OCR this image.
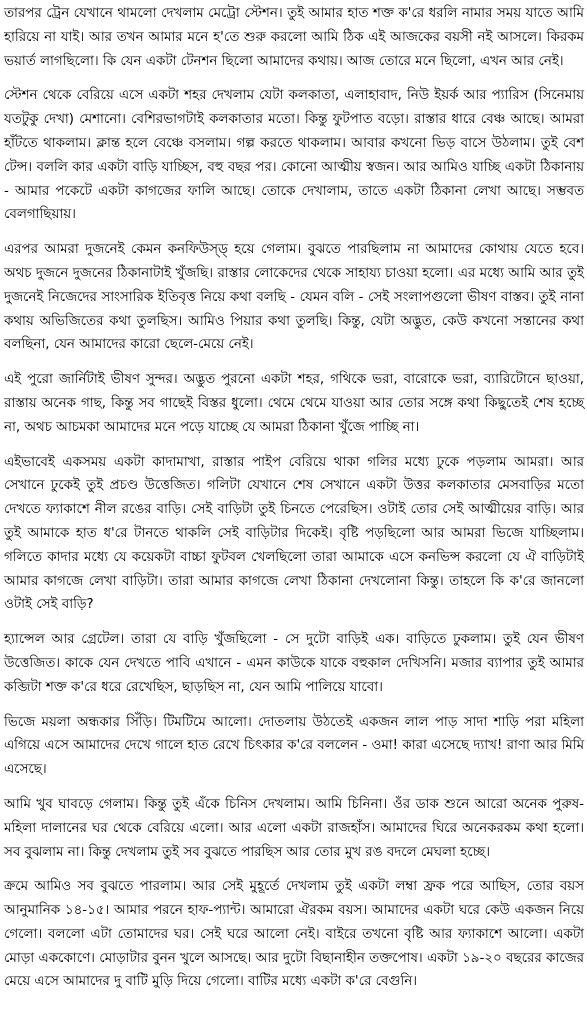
তারপর ট্রেন যেখানে থামলো দেখলাম মেট্রো স্টেশন। তুই আমার হাত শক্ত ক'রে ধরলি নামার সময় যাতে আমি হারিয়ে না যাই। আর তখন আমার মনে হ'তে শুরু করলো আমি ঠিক এই আজকের বয়সী নই আসলে। কিরকম ভয়ার্ত লাগছিলো। কি যেন একটা টেনশন ছিলো আমাদের কথায়। আজ তোরে মনে ছিলো, এখন আর নেই।

স্টেশন থেকে বেরিয়ে এসে একটা শহর দেখলাম যেটা কলকাতা, এলাহাবাদ, নিউ ইয়র্ক আর প্যারিস (সিনেমায় যতটুকু দেখা) মেশানো। বেশিরভাগটাই কলকাতার মতো। কিন্তু ফুটপাত বড়ো। রাস্তার ধারে বেঞ্চ আছে। আমরা হাঁটতে থাকলাম। ক্লান্ত হলে বেঞ্চে বসলাম। গল্প করতে থাকলাম। আবার কখনো ভিড় বাসে উঠলাম। তুই বেশ টেন্স। বললি কার একটা বাড়ি যাচ্ছিস, বহু বছর পর। কোনো আত্মীয় স্বজন। আর আমিও যাচ্ছি একটা ঠিকানায় - আমার পকেটে একটা কাগজের ফালি আছে। তোকে দেখালাম, তাতে একটা ঠিকানা লেখা আছে। সম্ভবত বেলগাছিয়ায়।

এরপর আমরা দুজনেই কেমন কনফিউস্‌ড্ হয়ে গেলাম। বুঝতে পারছিলাম না আমাদের কোথায় যেতে হবে। অথচ দুজনে দুজনের ঠিকানাটাই খুঁজছি। রাস্তার লোকেদের থেকে সাহায্য চাওয়া হলো। এর মধ্যে আমি আর তুই দুজনেই নিজেদের সাংসারিক ইতিবৃত্ত নিয়ে কথা বলছি - যেমন বলি - সেই সংলাপগুলো ভীষণ বাস্তব। তুই নানা কথায় অভিজিতের কথা তুলছিস। আমিও পিয়ার কথা তুলছি। কিন্তু, যেটা অদ্ভুত, কেউ কখনো সন্তানের কথা বলছিনা, যেন আমাদের কারো ছেলে-মেয়ে নেই।

এই পুরো জার্নিটাই ভীষণ সুন্দর। অদ্ভুত পুরনো একটা শহর, গথিকে ভরা, বারোকে ভরা, ব্যারিটোনে ছাওয়া, রাস্তায় অনেক গাছ, কিন্তু সব গাছেই বিস্তর ধুলো। থেমে থেমে যাওয়া আর তোর সঙ্গে কথা কিছুতেই শেষ হচ্ছে না, অথচ আচমকা আমাদের মনে পড়ে যাচ্ছে যে আমরা ঠিকানা খুঁজে পাচ্ছি না।

এইভাবেই একসময় একটা কাদামাখা, রাস্তার পাইপ বেরিয়ে থাকা গলির মধ্যে ঢুকে পড়লাম আমরা। আর সেখানে ঢুকেই তুই প্রচণ্ড উত্তেজিত। গলিটা যেখানে শেষ সেখানে একটা উত্তর কলকাতার মেসবাড়ির মতো দেখতে ফ্যাকাশে নীল রঙের বাড়ি। সেই বাড়িটা তুই চিনতে পেরেছিস। ওটাই তোর সেই আত্মীয়ের বাড়ি। আর তুই আমাকে হাত ধ'রে টানতে থাকলি সেই বাড়িটার দিকেই। বৃষ্টি পড়ছিলো আর আমরা ভিজে যাচ্ছিলাম। গলিতে কাদার মধ্যে যে কয়েকটা বাচ্চা ফুটবল খেলছিলো তারা আমাকে এসে কনভিন্স করলো যে ঐ বাড়িটাই আমার কাগজে লেখা বাড়িটা। তারা আমার কাগজে লেখা ঠিকানা দেখলোনা কিন্তু। তাহলে কি ক'রে জানলো ওটাই সেই বাড়ি?

হ্যান্সেল আর গ্রেটেল। তারা যে বাড়ি খুঁজছিলো - সে দুটো বাড়িই এক। বাড়িতে ঢুকলাম। তুই যেন ভীষণ উত্তেজিত। কাকে যেন দেখতে পাবি এখানে - এমন কাউকে যাকে বহুকাল দেখিসনি। মজার ব্যাপার তুই আমার কব্জিটা শক্ত ক'রে ধরে রেখেছিস, ছাড়ছিস না, যেন আমি পালিয়ে যাবো।

ভিজে ময়লা অন্ধকার সিঁড়ি। টিমটিমে আলো। দোতলায় উঠতেই একজন লাল পাড় সাদা শাড়ি পরা মহিলা এগিয়ে এসে আমাদের দেখে গালে হাত রেখে চিৎকার ক'রে বললেন - ওমা! কারা এসেছে দ্যাখ! রাণা আর মিমি এসেছে।

আমি খুব ঘাবড়ে গেলাম। কিন্তু তুই এঁকে চিনিস দেখলাম। আমি চিনিনা। ওঁর ডাক শুনে আরো অনেক পুরুষ-মহিলা দালানের ঘর থেকে বেরিয়ে এলো। আর এলো একটা রাজহাঁস। আমাদের ঘিরে অনেকরকম কথা হলো। সব বুঝলাম না। কিন্তু দেখলাম তুই সব বুঝতে পারছিস আর তোর মুখ রঙ বদলে মেঘলা হচ্ছে।

ক্রমে আমিও সব বুঝতে পারলাম। আর সেই মুহূর্তে দেখলাম তুই একটা লম্বা ফ্রক পরে আছিস, তোর বয়স আনুমানিক ১৪-১৫। আমার পরনে হাফ-প্যান্ট। আমারো ঐরকম বয়স। আমাদের একটা ঘরে কেউ একজন নিয়ে গেলো। বললো এটা তোমাদের ঘর। সেই ঘরে আলো নেই। বাইরে তখনো বৃষ্টি আর ফ্যাকাশে আলো। একটা মোড়া এককোণে। মোড়াটার বুনন খুলে আসছে। আর দুটো বিছানাহীন তক্তপোষ। একটা ১৯-২০ বছরের কাজের মেয়ে এসে আমাদের দু বাটি মুড়ি দিয়ে গেলো। বাটির মধ্যে একটা ক'রে বেগুনি।
